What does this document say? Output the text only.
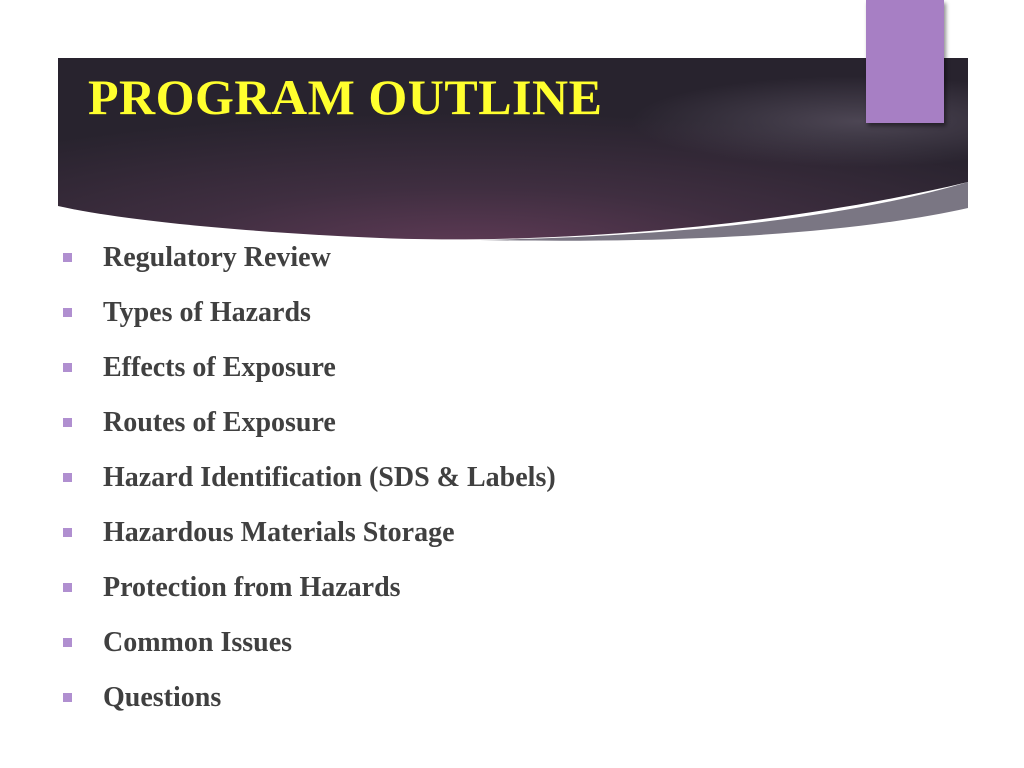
PROGRAM OUTLINE
Regulatory Review
Types of Hazards
Effects of Exposure
Routes of Exposure
Hazard Identification (SDS & Labels)
Hazardous Materials Storage
Protection from Hazards
Common Issues
Questions
